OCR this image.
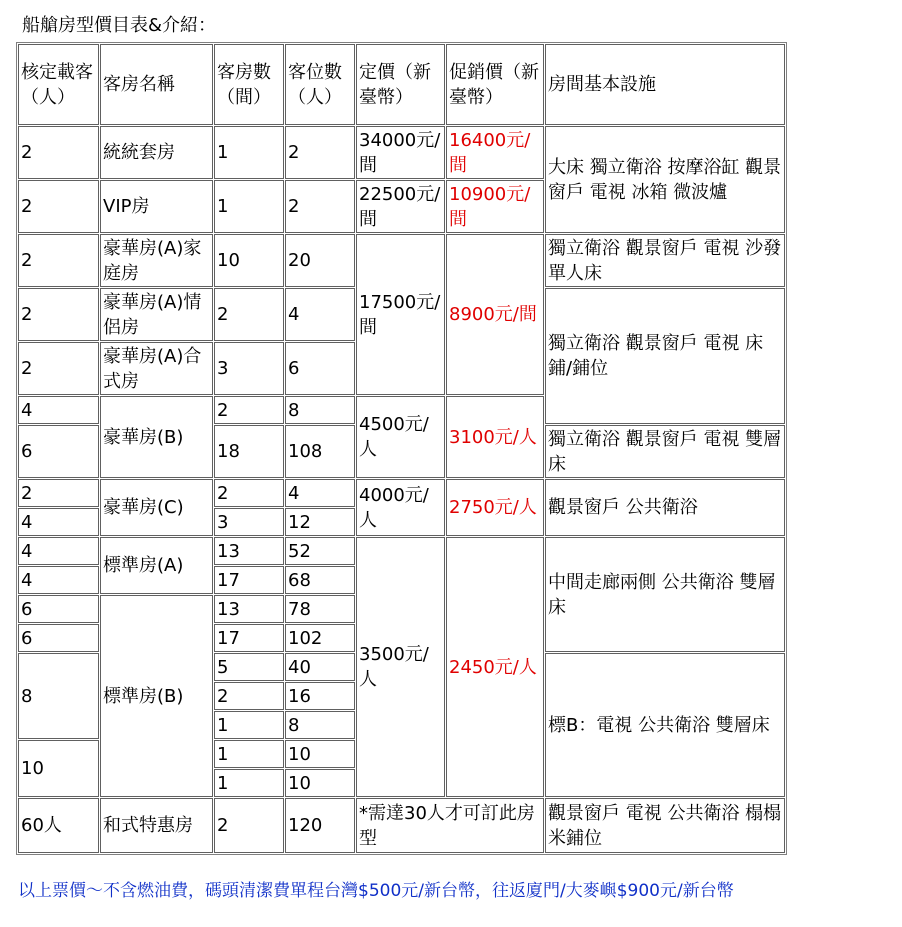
船艙房型價目表&介紹：
核定載客（人）	客房名稱	客房數（間）	客位數（人）	定價（新臺幣）	促銷價（新臺幣）	房間基本設施
2	統統套房	1	2	34000元/間	16400元/間	大床 獨立衛浴 按摩浴缸 觀景窗戶 電視 冰箱 微波爐
2	VIP房	1	2	22500元/間	10900元/間	
2	豪華房(A)家庭房	10	20	17500元/間	8900元/間	獨立衛浴 觀景窗戶 電視 沙發 單人床
2	豪華房(A)情侶房	2	4			獨立衛浴 觀景窗戶 電視 床鋪/鋪位
2	豪華房(A)合式房	3	6			
4	豪華房(B)	2	8	4500元/人	3100元/人	
6		18	108			獨立衛浴 觀景窗戶 電視 雙層床
2	豪華房(C)	2	4	4000元/人	2750元/人	觀景窗戶 公共衛浴
4		3	12			
4	標準房(A)	13	52	3500元/人	2450元/人	中間走廊兩側 公共衛浴 雙層床
4		17	68			
6	標準房(B)	13	78			
6		17	102			
8		5	40			標B：電視 公共衛浴 雙層床
		2	16			
		1	8			
10		1	10			
		1	10			
60人	和式特惠房	2	120	*需達30人才可訂此房型		觀景窗戶 電視 公共衛浴 榻榻米鋪位
以上票價～不含燃油費，碼頭清潔費單程台灣$500元/新台幣，往返廈門/大麥嶼$900元/新台幣
